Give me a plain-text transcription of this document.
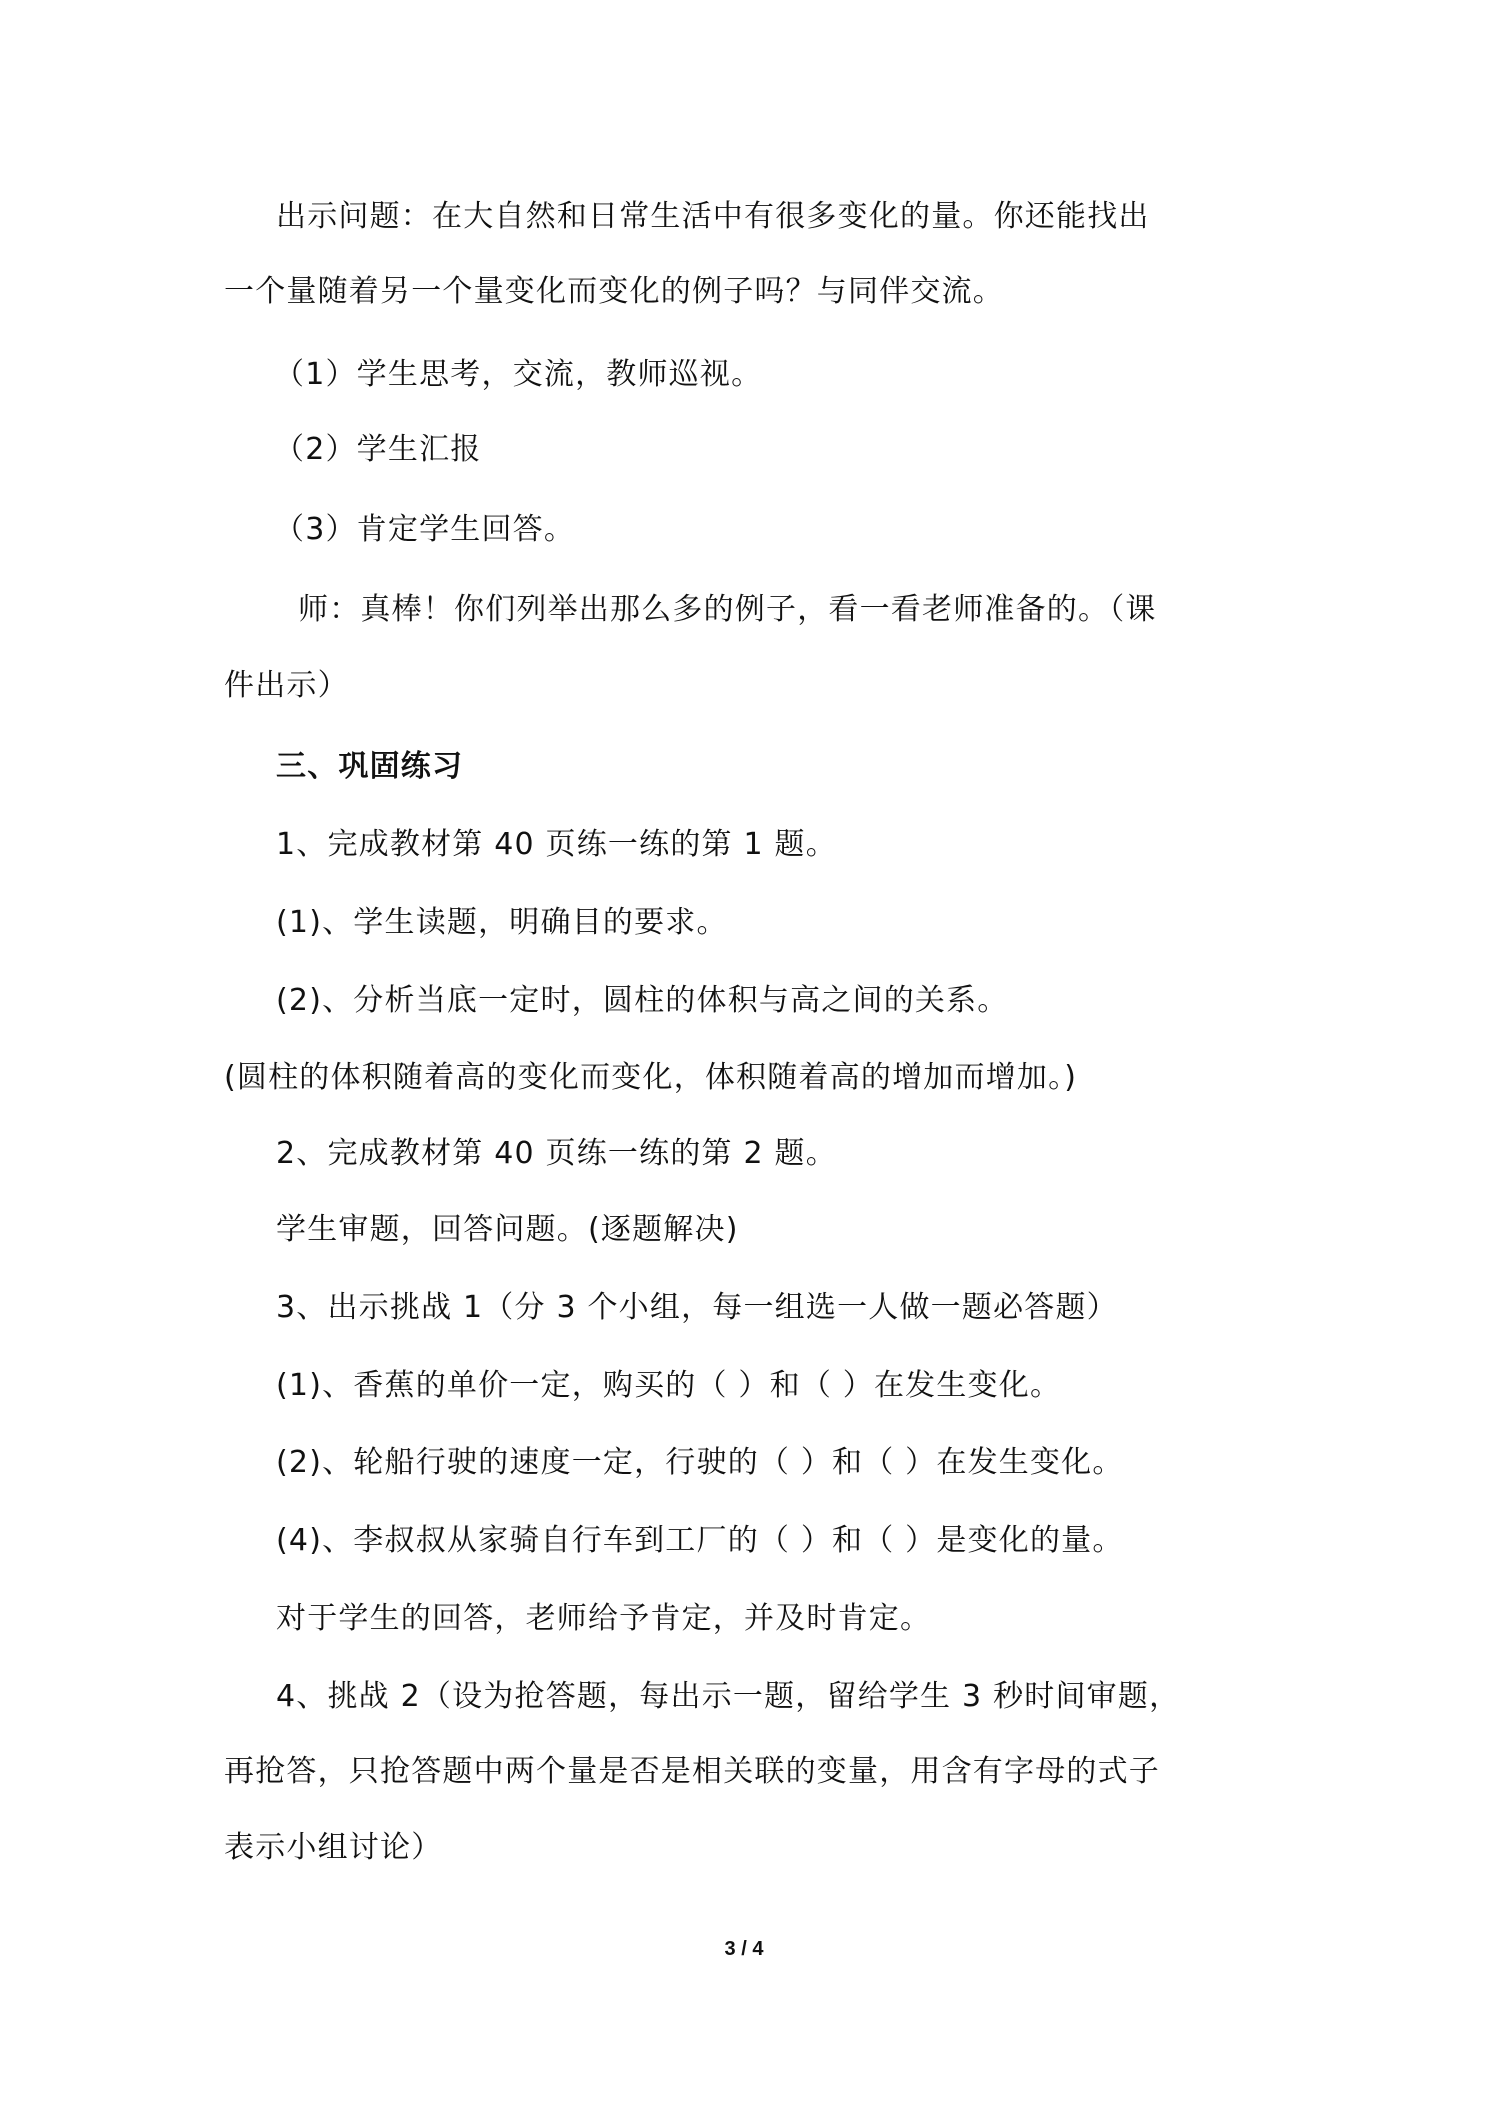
出示问题：在大自然和日常生活中有很多变化的量。你还能找出
一个量随着另一个量变化而变化的例子吗？与同伴交流。
（1）学生思考，交流，教师巡视。
（2）学生汇报
（3）肯定学生回答。
师：真棒！你们列举出那么多的例子，看一看老师准备的。（课
件出示）
三、巩固练习
1、完成教材第 40 页练一练的第 1 题。
(1)、学生读题，明确目的要求。
(2)、分析当底一定时，圆柱的体积与高之间的关系。
(圆柱的体积随着高的变化而变化，体积随着高的增加而增加。)
2、完成教材第 40 页练一练的第 2 题。
学生审题，回答问题。(逐题解决)
3、出示挑战 1（分 3 个小组，每一组选一人做一题必答题）
(1)、香蕉的单价一定，购买的（ ）和（ ）在发生变化。
(2)、轮船行驶的速度一定，行驶的（ ）和（ ）在发生变化。
(4)、李叔叔从家骑自行车到工厂的（ ）和（ ）是变化的量。
对于学生的回答，老师给予肯定，并及时肯定。
4、挑战 2（设为抢答题，每出示一题，留给学生 3 秒时间审题，
再抢答，只抢答题中两个量是否是相关联的变量，用含有字母的式子
表示小组讨论）
3 / 4
